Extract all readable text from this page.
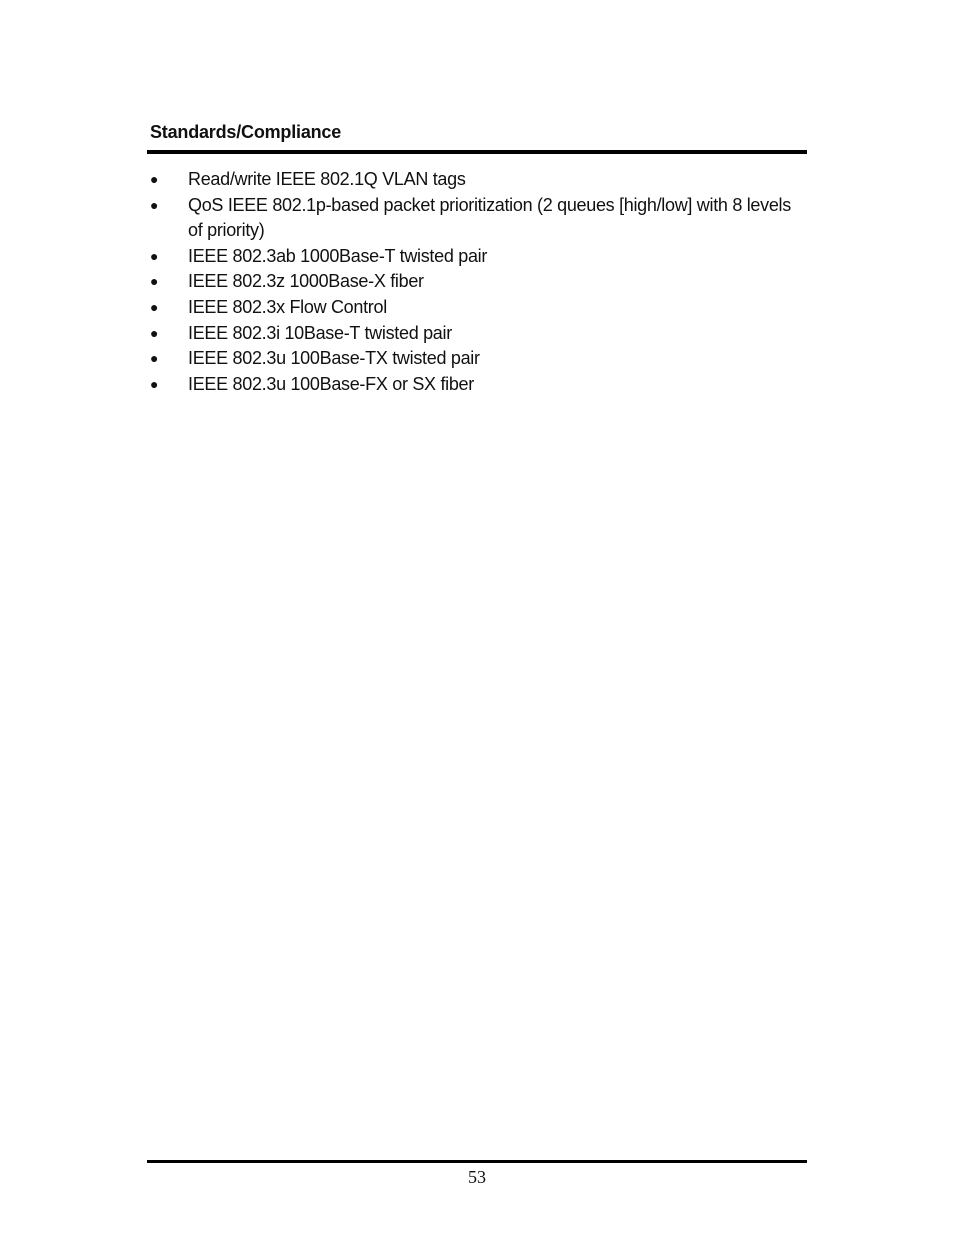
Standards/Compliance
● Read/write IEEE 802.1Q VLAN tags
● QoS IEEE 802.1p-based packet prioritization (2 queues [high/low] with 8 levels of priority)
● IEEE 802.3ab 1000Base-T twisted pair
● IEEE 802.3z 1000Base-X fiber
● IEEE 802.3x Flow Control
● IEEE 802.3i 10Base-T twisted pair
● IEEE 802.3u 100Base-TX twisted pair
● IEEE 802.3u 100Base-FX or SX fiber

53
